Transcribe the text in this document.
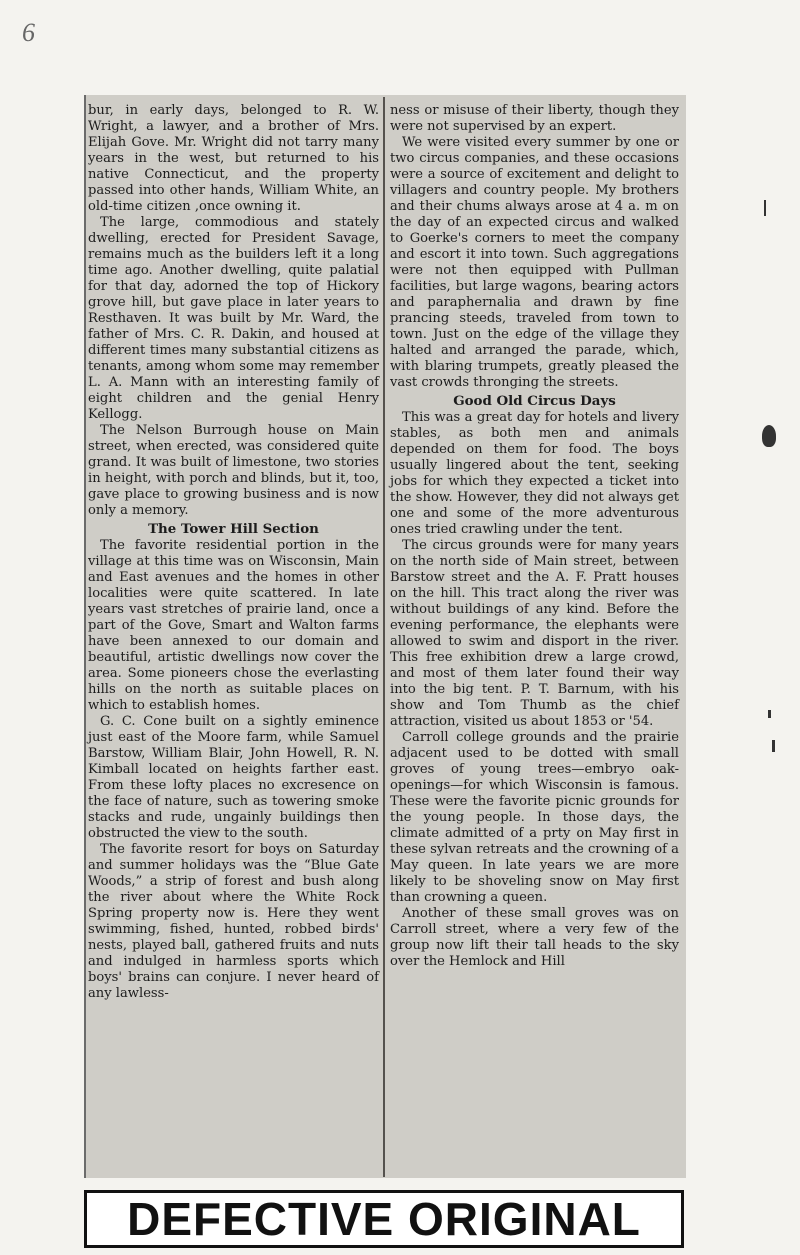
6

bur, in early days, belonged to R. W. Wright, a lawyer, and a brother of Mrs. Elijah Gove. Mr. Wright did not tarry many years in the west, but returned to his native Connecticut, and the property passed into other hands, William White, an old-time citizen ,once owning it.

The large, commodious and stately dwelling, erected for President Savage, remains much as the builders left it a long time ago. Another dwelling, quite palatial for that day, adorned the top of Hickory grove hill, but gave place in later years to Resthaven. It was built by Mr. Ward, the father of Mrs. C. R. Dakin, and housed at different times many substantial citizens as tenants, among whom some may remember L. A. Mann with an interesting family of eight children and the genial Henry Kellogg.

The Nelson Burrough house on Main street, when erected, was considered quite grand. It was built of limestone, two stories in height, with porch and blinds, but it, too, gave place to growing business and is now only a memory.

The Tower Hill Section

The favorite residential portion in the village at this time was on Wisconsin, Main and East avenues and the homes in other localities were quite scattered. In late years vast stretches of prairie land, once a part of the Gove, Smart and Walton farms have been annexed to our domain and beautiful, artistic dwellings now cover the area. Some pioneers chose the everlasting hills on the north as suitable places on which to establish homes.

G. C. Cone built on a sightly eminence just east of the Moore farm, while Samuel Barstow, William Blair, John Howell, R. N. Kimball located on heights farther east. From these lofty places no excresence on the face of nature, such as towering smoke stacks and rude, ungainly buildings then obstructed the view to the south.

The favorite resort for boys on Saturday and summer holidays was the “Blue Gate Woods,” a strip of forest and bush along the river about where the White Rock Spring property now is. Here they went swimming, fished, hunted, robbed birds' nests, played ball, gathered fruits and nuts and indulged in harmless sports which boys' brains can conjure. I never heard of any lawless-

ness or misuse of their liberty, though they were not supervised by an expert.

We were visited every summer by one or two circus companies, and these occasions were a source of excitement and delight to villagers and country people. My brothers and their chums always arose at 4 a. m on the day of an expected circus and walked to Goerke's corners to meet the company and escort it into town. Such aggregations were not then equipped with Pullman facilities, but large wagons, bearing actors and paraphernalia and drawn by fine prancing steeds, traveled from town to town. Just on the edge of the village they halted and arranged the parade, which, with blaring trumpets, greatly pleased the vast crowds thronging the streets.

Good Old Circus Days

This was a great day for hotels and livery stables, as both men and animals depended on them for food. The boys usually lingered about the tent, seeking jobs for which they expected a ticket into the show. However, they did not always get one and some of the more adventurous ones tried crawling under the tent.

The circus grounds were for many years on the north side of Main street, between Barstow street and the A. F. Pratt houses on the hill. This tract along the river was without buildings of any kind. Before the evening performance, the elephants were allowed to swim and disport in the river. This free exhibition drew a large crowd, and most of them later found their way into the big tent. P. T. Barnum, with his show and Tom Thumb as the chief attraction, visited us about 1853 or '54.

Carroll college grounds and the prairie adjacent used to be dotted with small groves of young trees—embryo oak-openings—for which Wisconsin is famous. These were the favorite picnic grounds for the young people. In those days, the climate admitted of a prty on May first in these sylvan retreats and the crowning of a May queen. In late years we are more likely to be shoveling snow on May first than crowning a queen.

Another of these small groves was on Carroll street, where a very few of the group now lift their tall heads to the sky over the Hemlock and Hill

DEFECTIVE ORIGINAL
